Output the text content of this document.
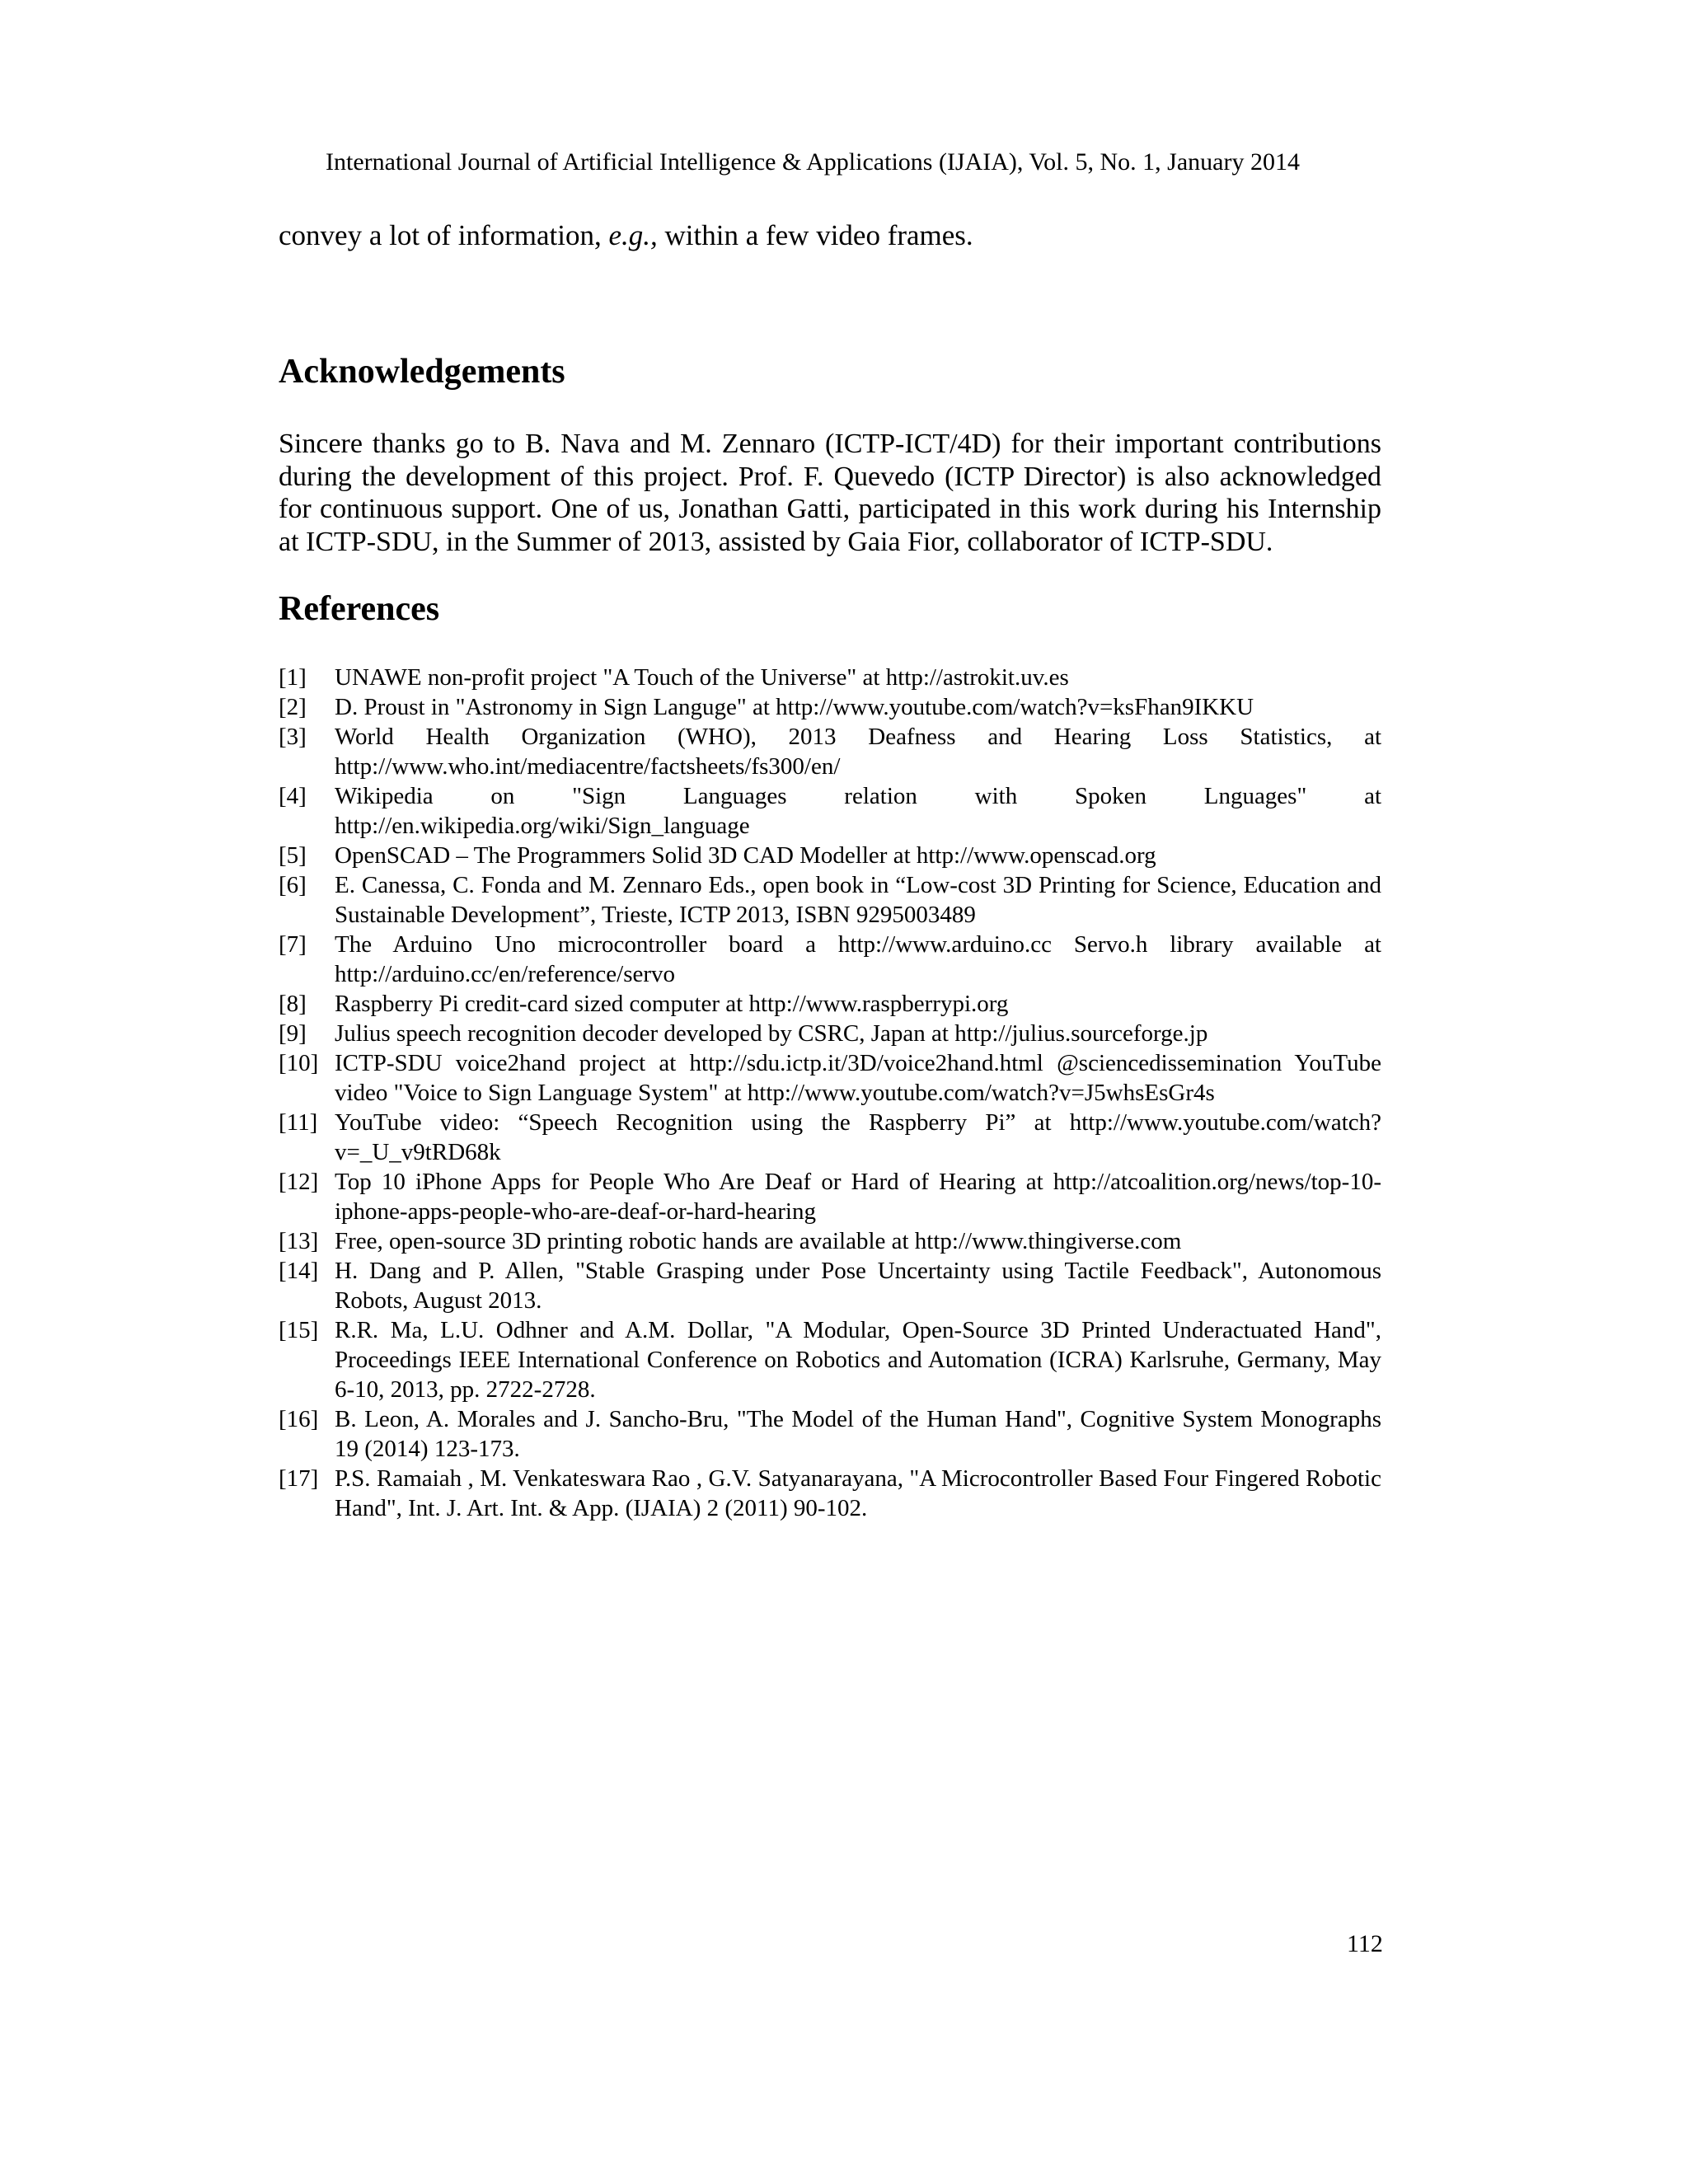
International Journal of Artificial Intelligence & Applications (IJAIA), Vol. 5, No. 1, January 2014
convey a lot of information, e.g., within a few video frames.
Acknowledgements

Sincere thanks go to B. Nava and M. Zennaro (ICTP-ICT/4D) for their important contributions during the development of this project. Prof. F. Quevedo (ICTP Director) is also acknowledged for continuous support. One of us, Jonathan Gatti, participated in this work during his Internship at ICTP-SDU, in the Summer of 2013, assisted by Gaia Fior, collaborator of ICTP-SDU.

References
[1]	UNAWE non-profit project "A Touch of the Universe" at http://astrokit.uv.es
[2]	D. Proust in "Astronomy in Sign Languge" at http://www.youtube.com/watch?v=ksFhan9IKKU
[3]	World Health Organization (WHO), 2013 Deafness and Hearing Loss Statistics, at http://www.who.int/mediacentre/factsheets/fs300/en/
[4]	Wikipedia on "Sign Languages relation with Spoken Lnguages" at http://en.wikipedia.org/wiki/Sign_language
[5]	OpenSCAD – The Programmers Solid 3D CAD Modeller at http://www.openscad.org
[6]	E. Canessa, C. Fonda and M. Zennaro Eds., open book in “Low-cost 3D Printing for Science, Education and Sustainable Development”, Trieste, ICTP 2013, ISBN 9295003489
[7]	The Arduino Uno microcontroller board a http://www.arduino.cc Servo.h library available at http://arduino.cc/en/reference/servo
[8]	Raspberry Pi credit-card sized computer at http://www.raspberrypi.org
[9]	Julius speech recognition decoder developed by CSRC, Japan at http://julius.sourceforge.jp
[10] ICTP-SDU voice2hand project at http://sdu.ictp.it/3D/voice2hand.html @sciencedissemination YouTube video "Voice to Sign Language System" at http://www.youtube.com/watch?v=J5whsEsGr4s
[11] YouTube video: “Speech Recognition using the Raspberry Pi” at http://www.youtube.com/watch?v=_U_v9tRD68k
[12] Top 10 iPhone Apps for People Who Are Deaf or Hard of Hearing at http://atcoalition.org/news/top-10-iphone-apps-people-who-are-deaf-or-hard-hearing
[13] Free, open-source 3D printing robotic hands are available at http://www.thingiverse.com
[14] H. Dang and P. Allen, "Stable Grasping under Pose Uncertainty using Tactile Feedback", Autonomous Robots, August 2013.
[15] R.R. Ma, L.U. Odhner and A.M. Dollar, "A Modular, Open-Source 3D Printed Underactuated Hand", Proceedings IEEE International Conference on Robotics and Automation (ICRA) Karlsruhe, Germany, May 6-10, 2013, pp. 2722-2728.
[16] B. Leon, A. Morales and J. Sancho-Bru, "The Model of the Human Hand", Cognitive System Monographs 19 (2014) 123-173.
[17] P.S. Ramaiah , M. Venkateswara Rao , G.V. Satyanarayana, "A Microcontroller Based Four Fingered Robotic Hand", Int. J. Art. Int. & App. (IJAIA) 2 (2011) 90-102.
112
